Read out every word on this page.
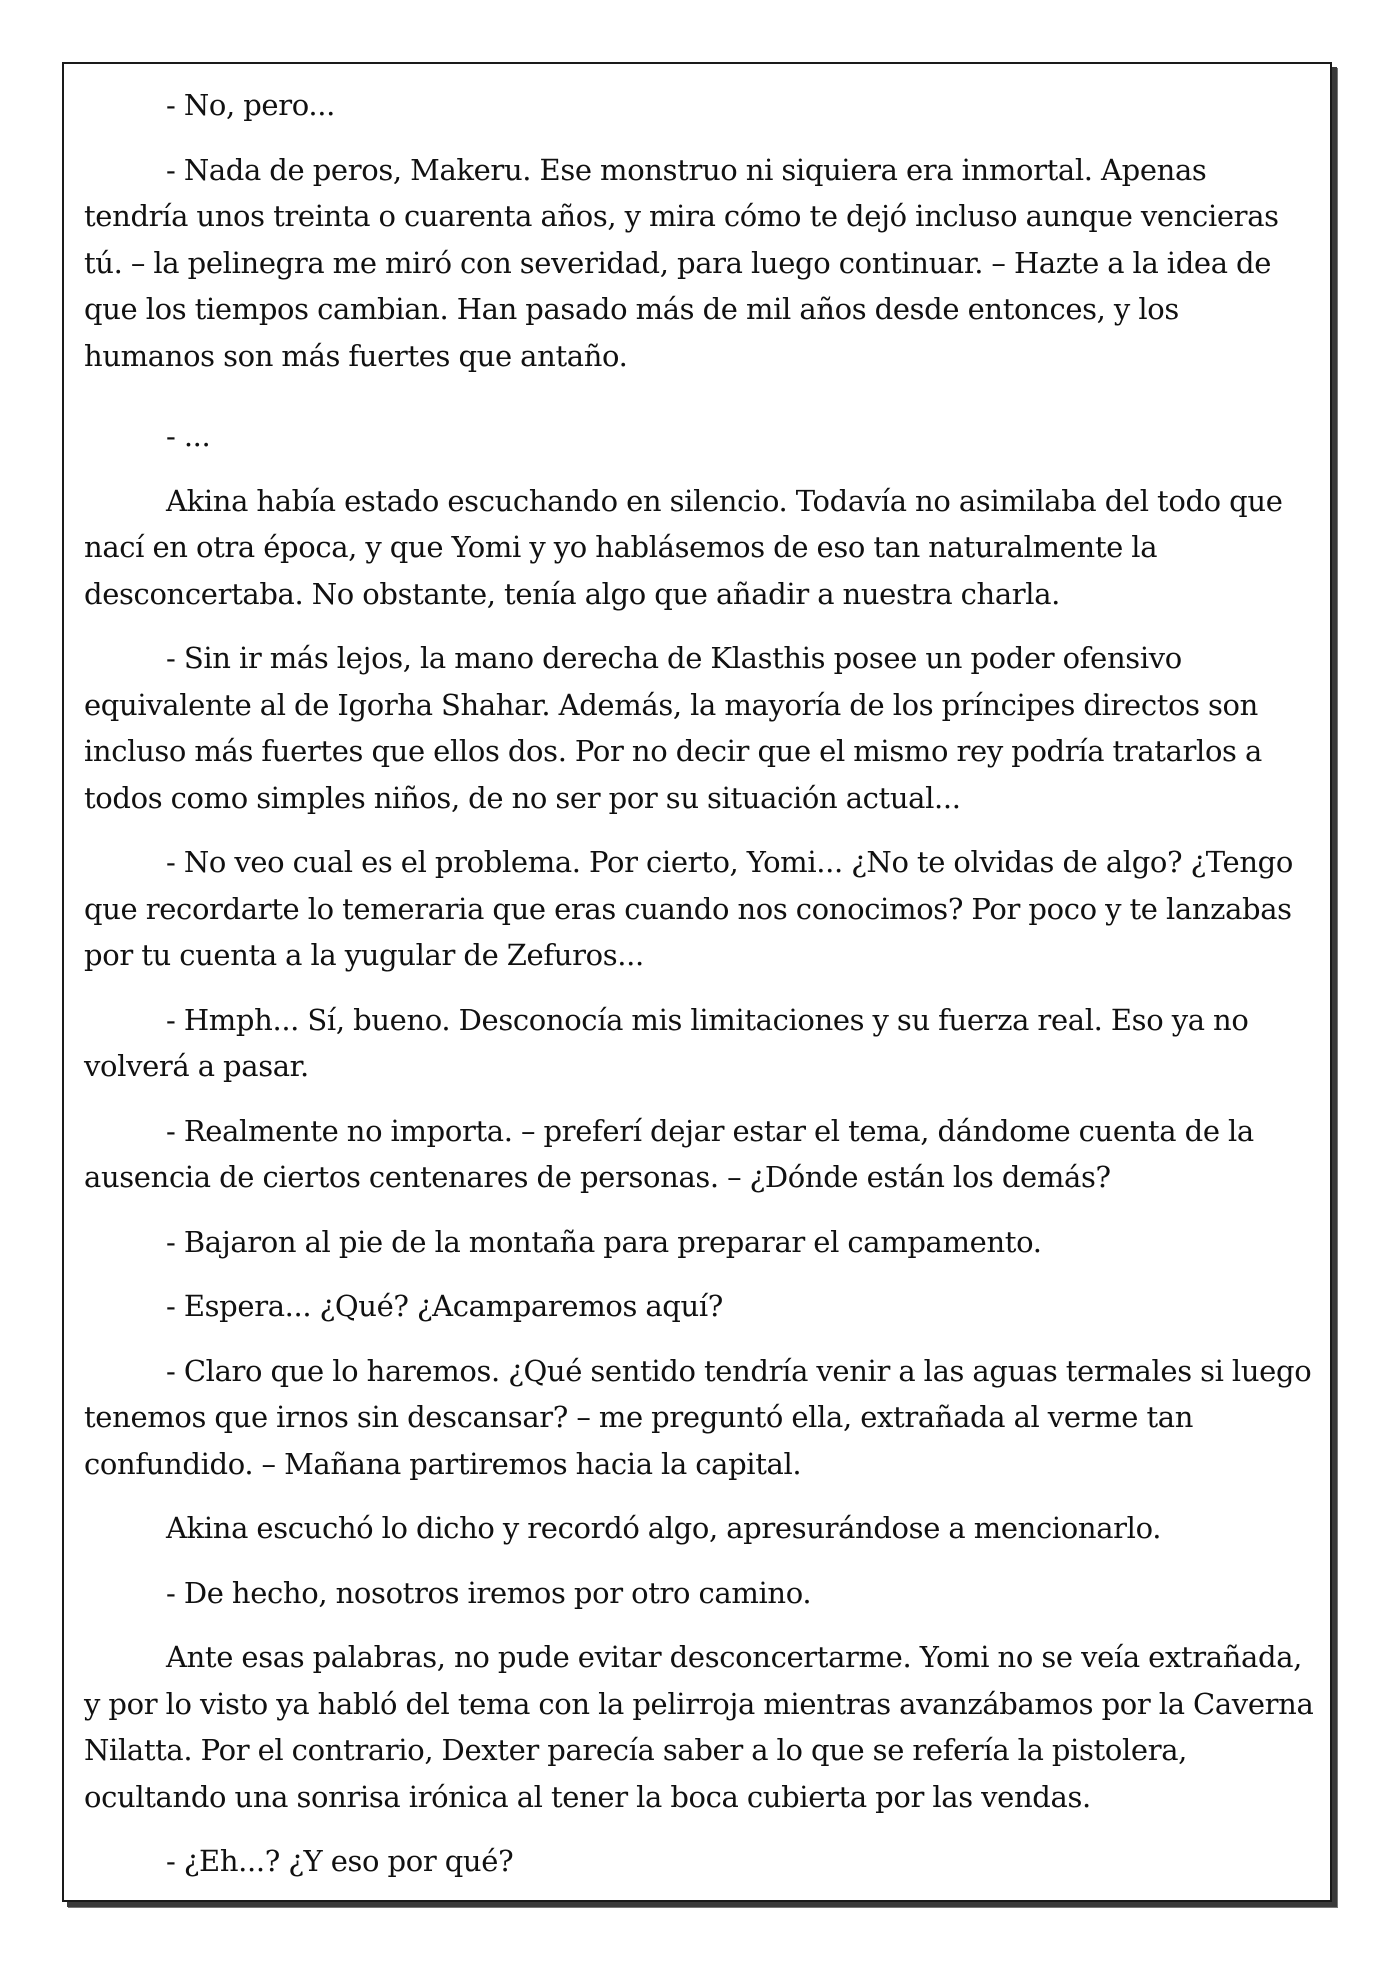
- No, pero...

- Nada de peros, Makeru. Ese monstruo ni siquiera era inmortal. Apenas tendría unos treinta o cuarenta años, y mira cómo te dejó incluso aunque vencieras tú. – la pelinegra me miró con severidad, para luego continuar. – Hazte a la idea de que los tiempos cambian. Han pasado más de mil años desde entonces, y los humanos son más fuertes que antaño.

- ...

Akina había estado escuchando en silencio. Todavía no asimilaba del todo que nací en otra época, y que Yomi y yo hablásemos de eso tan naturalmente la desconcertaba. No obstante, tenía algo que añadir a nuestra charla.

- Sin ir más lejos, la mano derecha de Klasthis posee un poder ofensivo equivalente al de Igorha Shahar. Además, la mayoría de los príncipes directos son incluso más fuertes que ellos dos. Por no decir que el mismo rey podría tratarlos a todos como simples niños, de no ser por su situación actual...

- No veo cual es el problema. Por cierto, Yomi... ¿No te olvidas de algo? ¿Tengo que recordarte lo temeraria que eras cuando nos conocimos? Por poco y te lanzabas por tu cuenta a la yugular de Zefuros...

- Hmph... Sí, bueno. Desconocía mis limitaciones y su fuerza real. Eso ya no volverá a pasar.

- Realmente no importa. – preferí dejar estar el tema, dándome cuenta de la ausencia de ciertos centenares de personas. – ¿Dónde están los demás?

- Bajaron al pie de la montaña para preparar el campamento.

- Espera... ¿Qué? ¿Acamparemos aquí?

- Claro que lo haremos. ¿Qué sentido tendría venir a las aguas termales si luego tenemos que irnos sin descansar? – me preguntó ella, extrañada al verme tan confundido. – Mañana partiremos hacia la capital.

Akina escuchó lo dicho y recordó algo, apresurándose a mencionarlo.

- De hecho, nosotros iremos por otro camino.

Ante esas palabras, no pude evitar desconcertarme. Yomi no se veía extrañada, y por lo visto ya habló del tema con la pelirroja mientras avanzábamos por la Caverna Nilatta. Por el contrario, Dexter parecía saber a lo que se refería la pistolera, ocultando una sonrisa irónica al tener la boca cubierta por las vendas.

- ¿Eh...? ¿Y eso por qué?
